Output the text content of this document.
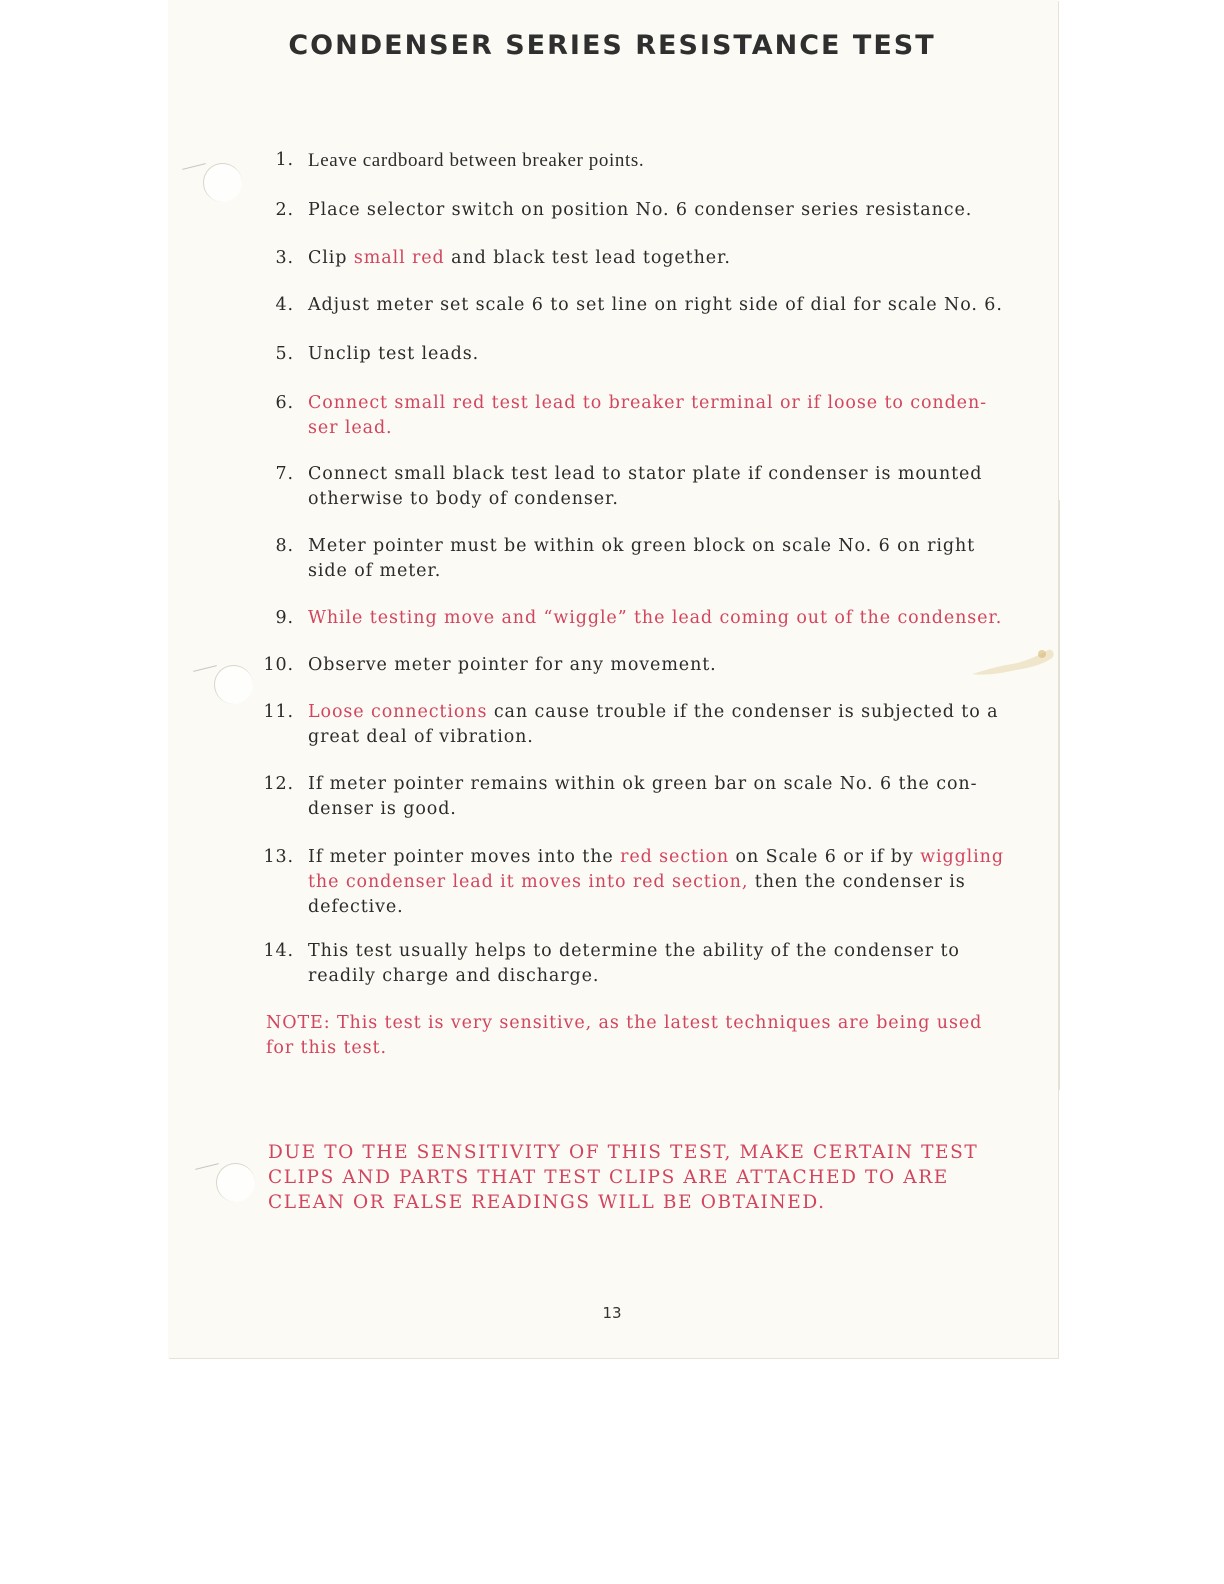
CONDENSER SERIES RESISTANCE TEST
1. Leave cardboard between breaker points.
2. Place selector switch on position No. 6 condenser series resistance.
3. Clip small red and black test lead together.
4. Adjust meter set scale 6 to set line on right side of dial for scale No. 6.
5. Unclip test leads.
6. Connect small red test lead to breaker terminal or if loose to conden-ser lead.
7. Connect small black test lead to stator plate if condenser is mounted otherwise to body of condenser.
8. Meter pointer must be within ok green block on scale No. 6 on right side of meter.
9. While testing move and “wiggle” the lead coming out of the condenser.
10. Observe meter pointer for any movement.
11. Loose connections can cause trouble if the condenser is subjected to a great deal of vibration.
12. If meter pointer remains within ok green bar on scale No. 6 the con-denser is good.
13. If meter pointer moves into the red section on Scale 6 or if by wiggling the condenser lead it moves into red section, then the condenser is defective.
14. This test usually helps to determine the ability of the condenser to readily charge and discharge.
NOTE: This test is very sensitive, as the latest techniques are being used for this test.
DUE TO THE SENSITIVITY OF THIS TEST, MAKE CERTAIN TEST CLIPS AND PARTS THAT TEST CLIPS ARE ATTACHED TO ARE CLEAN OR FALSE READINGS WILL BE OBTAINED.
13
